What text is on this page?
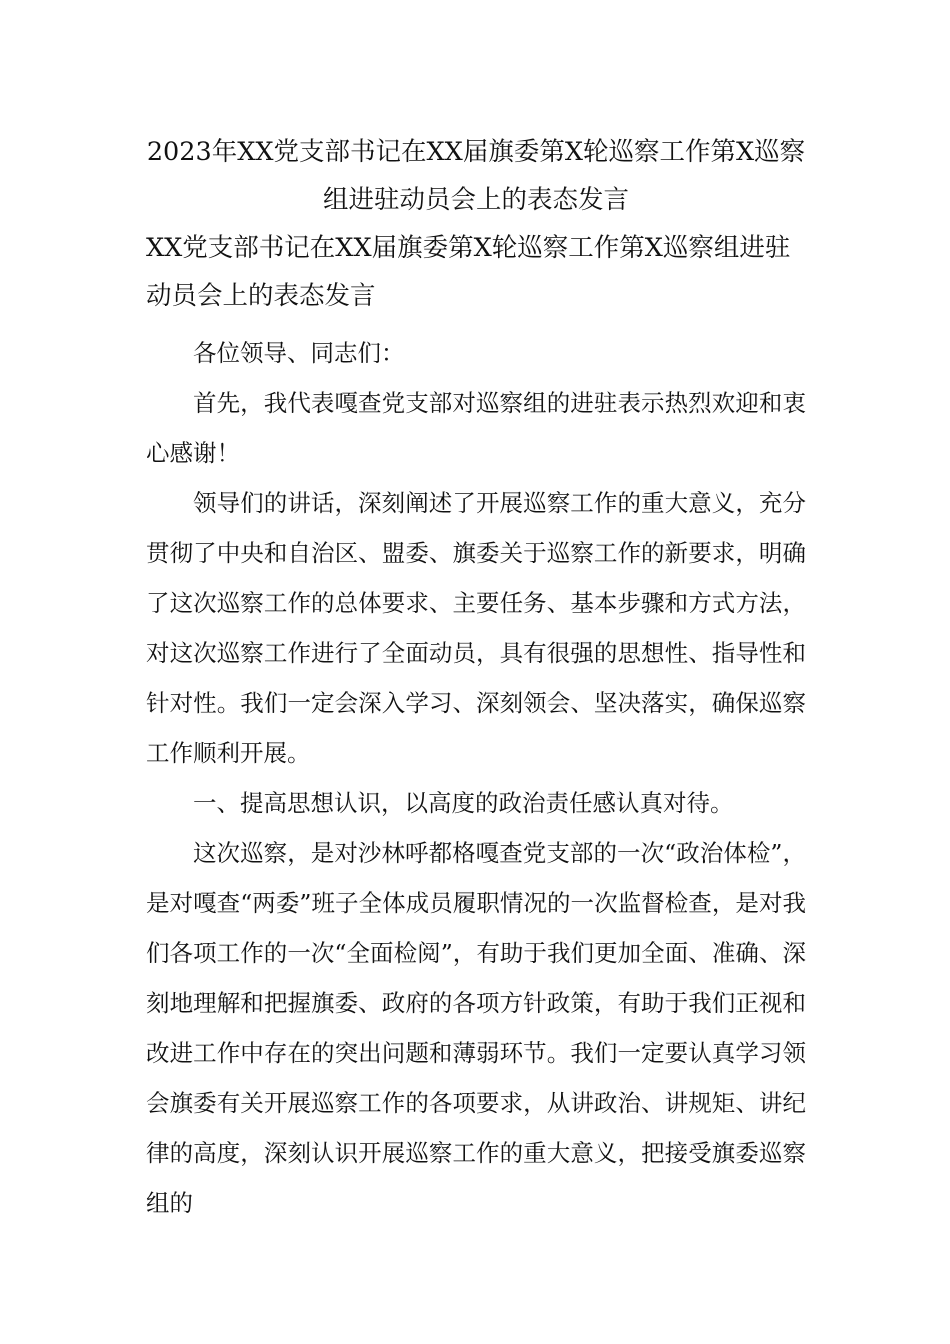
2023年XX党支部书记在XX届旗委第X轮巡察工作第X巡察组进驻动员会上的表态发言
XX党支部书记在XX届旗委第X轮巡察工作第X巡察组进驻动员会上的表态发言

各位领导、同志们：

首先，我代表嘎查党支部对巡察组的进驻表示热烈欢迎和衷心感谢！

领导们的讲话，深刻阐述了开展巡察工作的重大意义，充分贯彻了中央和自治区、盟委、旗委关于巡察工作的新要求，明确了这次巡察工作的总体要求、主要任务、基本步骤和方式方法，对这次巡察工作进行了全面动员，具有很强的思想性、指导性和针对性。我们一定会深入学习、深刻领会、坚决落实，确保巡察工作顺利开展。

一、提高思想认识，以高度的政治责任感认真对待。

这次巡察，是对沙林呼都格嘎查党支部的一次“政治体检”，是对嘎查“两委”班子全体成员履职情况的一次监督检查，是对我们各项工作的一次“全面检阅”，有助于我们更加全面、准确、深刻地理解和把握旗委、政府的各项方针政策，有助于我们正视和改进工作中存在的突出问题和薄弱环节。我们一定要认真学习领会旗委有关开展巡察工作的各项要求，从讲政治、讲规矩、讲纪律的高度，深刻认识开展巡察工作的重大意义，把接受旗委巡察组的
